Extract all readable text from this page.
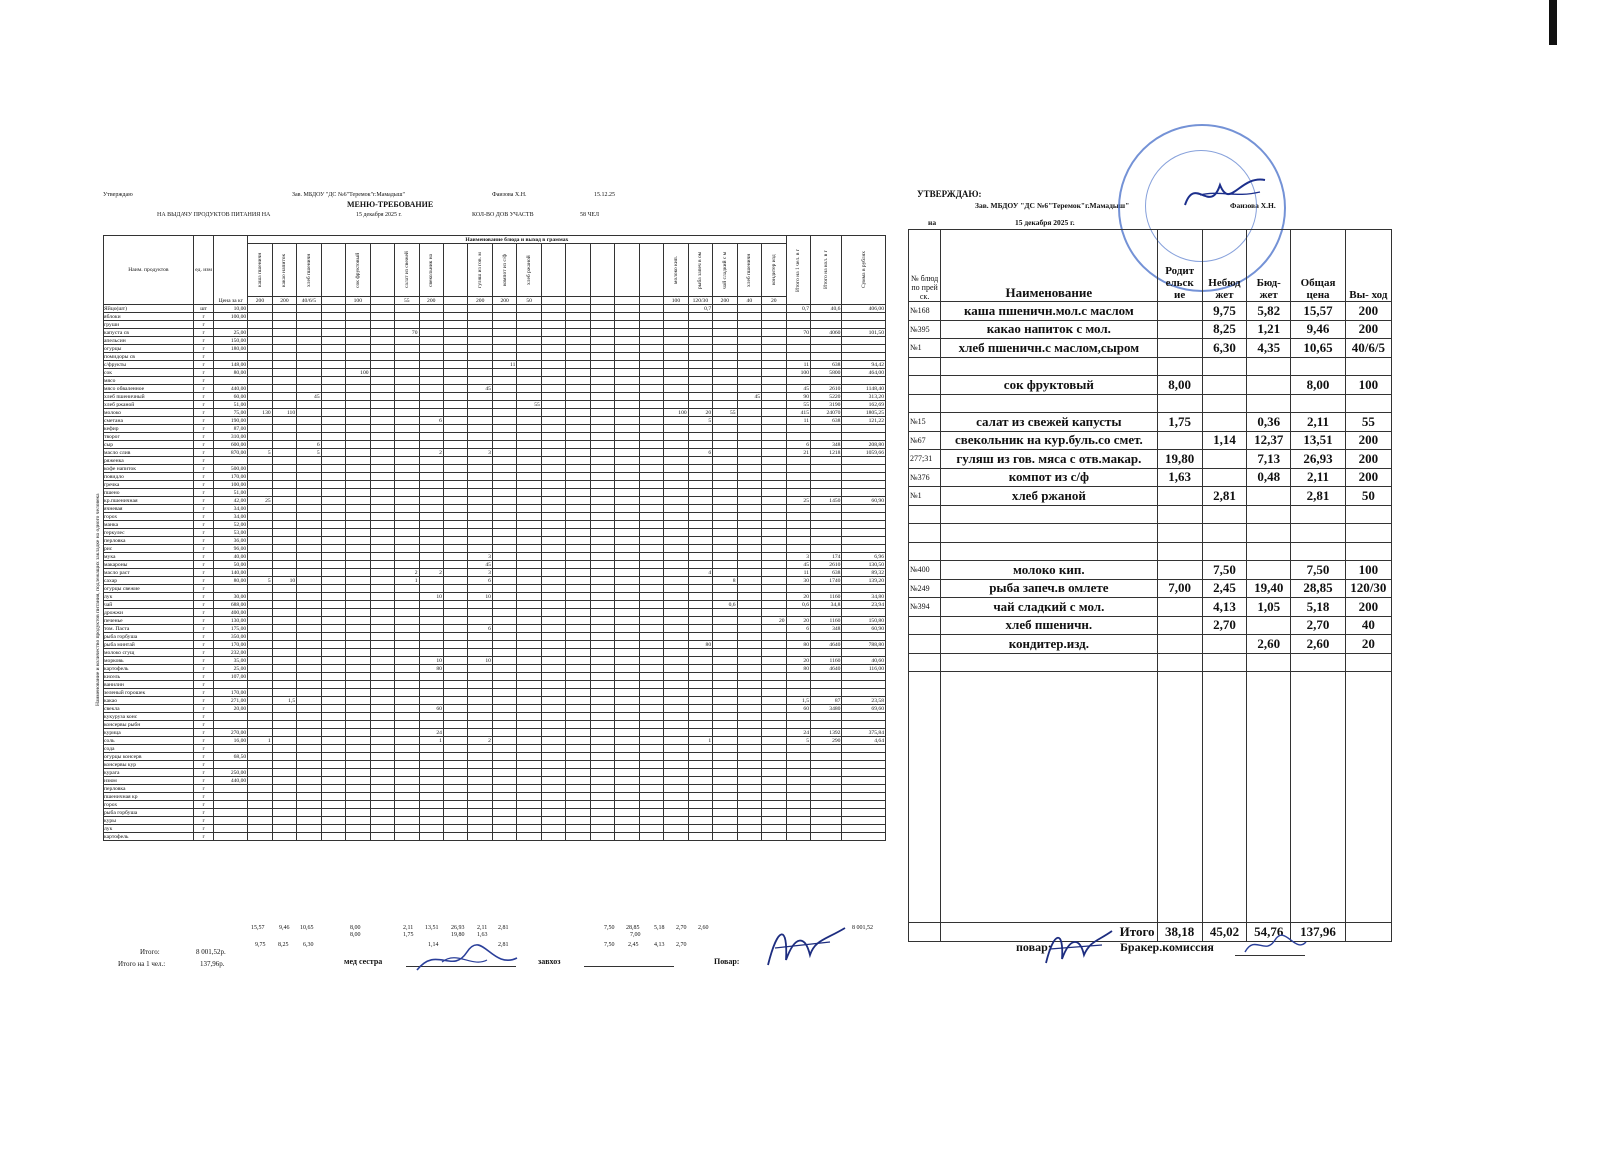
Утверждаю	Зав. МБДОУ "ДС №6"Теремок"г.Мамадыш"	Фаизова Х.Н.	15.12.25
МЕНЮ-ТРЕБОВАНИЕ
НА ВЫДАЧУ ПРОДУКТОВ ПИТАНИЯ НА	15 декабря 2025 г.	КОЛ-ВО ДОВ УЧАСТВ	58 ЧЕЛ
Наименование и количество продуктов питания, подлежащих закладке на одного человека
Наим. продуктов	ед. изм	Цена за кг	Наименование блюда и выход в граммах																						Итого на 1 чел. в г	Итого на кол. в г	Сумма в рублях

			каша пшеничн	какао напиток	хлеб пшеничн		сок фруктовый		салат из свежей	свекольник на		гуляш из гов. м	компот из с/ф	хлеб ржаной						молоко кип.	рыба запеч в ом	чай сладкий с м	хлеб пшеничн	кондитер изд			

			200	200	40/6/5		100		55	200		200	200	50						100	120/30	200	40	20			
Яйцо(шт)	шт	10,00																			0,7				0,7	40,6	406,00
яблоки	г	100,00																									
груши	г																										
капуста св	г	25,00							70																70	4060	101,50
апельсин	г	150,00																									
огурцы	г	180,00																									
помидоры св	г																										
с/фрукты	г	148,00											11												11	638	94,42
сок	г	80,00					100																		100	5800	464,00
мясо	г																										
мясо обваленное	г	440,00										45													45	2610	1148,40
хлеб пшеничный	г	60,00			45																		45		90	5220	313,20
хлеб ржаной	г	51,00												55											55	3190	162,69
молоко	г	75,00	130	110																100	20	55			415	24070	1805,25
сметана	г	190,00								6											5				11	638	121,22
кефир	г	87,00																									
творог	г	310,00																									
сыр	г	600,00			6																				6	348	208,80
масло слив	г	870,00	5		5					2		3									6				21	1218	1059,66
ряженка	г																										
кофе напиток	г	500,00																									
повидло	г	170,00																									
гречка	г	100,00																									
пшено	г	51,00																									
кр.пшеничная	г	42,00	25																						25	1450	60,90
ячневая	г	34,00																									
горох	г	34,00																									
манка	г	52,00																									
геркулес	г	53,00																									
перловка	г	36,00																									
рис	г	96,00																									
мука	г	40,00										3													3	174	6,96
макароны	г	50,00										45													45	2610	130,50
масло раст	г	140,00							2	2		3									4				11	638	89,32
сахар	г	80,00	5	10					1			6										8			30	1740	139,20
огурцы свежие	г																										
лук	г	30,00								10		10													20	1160	34,80
чай	г	688,00																				0,6			0,6	34,8	23,94
дрожжи	г	400,00																									
печенье	г	130,00																						20	20	1160	150,80
том. Паста	г	175,00										6													6	348	60,90
рыба горбуша	г	350,00																									
рыба минтай	г	170,00																			80				80	4640	788,80
молоко сгущ	г	232,00																									
морковь	г	35,00								10		10													20	1160	40,60
картофель	г	25,00								80															80	4640	116,00
кисель	г	107,00																									
ванилин	г																										
зеленый горошек	г	170,00																									
какао	г	271,00		1,5																					1,5	87	23,58
свекла	г	20,00								60															60	3480	69,60
кукуруза конс	г																										
консервы рыбн	г																										
курица	г	270,00								24															24	1392	375,84
соль	г	16,00	1							1		2									1				5	290	4,64
сода	г																										
огурцы консерв	г	68,50																									
консервы кур	г																										
курага	г	250,00																									
изюм	г	440,00																									
перловка	г																										
пшеничная кр	г																										
горох	г																										
рыба горбуша	г																										
куры	г																										
лук	г																										
картофель	г																										
15,57 9,46 10,65	8,00	2,11 13,51 26,93 2,11 2,81	7,50 28,85 5,18 2,70 2,60	8 001,52
8,00	1,75	19,80 1,63	7,00
9,75 8,25 6,30	1,14	2,81	7,50 2,45	4,13 2,70
Итого:	8 001,52р.
Итого на 1 чел.:	137,96р.	мед сестра	завхоз	Повар:
УТВЕРЖДАЮ:
Зав. МБДОУ "ДС №6"Теремок"г.Мамадыш"	Фаизова Х.Н.
на	15 декабря 2025 г.
№ блюд по прей ск.	Наименование	Родит ельск ие	Небюд жет	Бюд- жет	Общая цена	Вы- ход
№168	каша пшеничн.мол.с маслом		9,75	5,82	15,57	200
№395	какао напиток с мол.		8,25	1,21	9,46	200
№1	хлеб пшеничн.с маслом,сыром		6,30	4,35	10,65	40/6/5

	сок фруктовый	8,00			8,00	100

№15	салат из свежей капусты	1,75		0,36	2,11	55
№67	свекольник на кур.буль.со смет.		1,14	12,37	13,51	200
277;31	гуляш из гов. мяса с отв.макар.	19,80		7,13	26,93	200
№376	компот из с/ф	1,63		0,48	2,11	200
№1	хлеб ржаной		2,81		2,81	50

№400	молоко кип.		7,50		7,50	100
№249	рыба запеч.в омлете	7,00	2,45	19,40	28,85	120/30
№394	чай сладкий с мол.		4,13	1,05	5,18	200
	хлеб пшеничн.		2,70		2,70	40
	кондитер.изд.			2,60	2,60	20

	Итого	38,18	45,02	54,76	137,96	
повар:	Бракер.комиссия
